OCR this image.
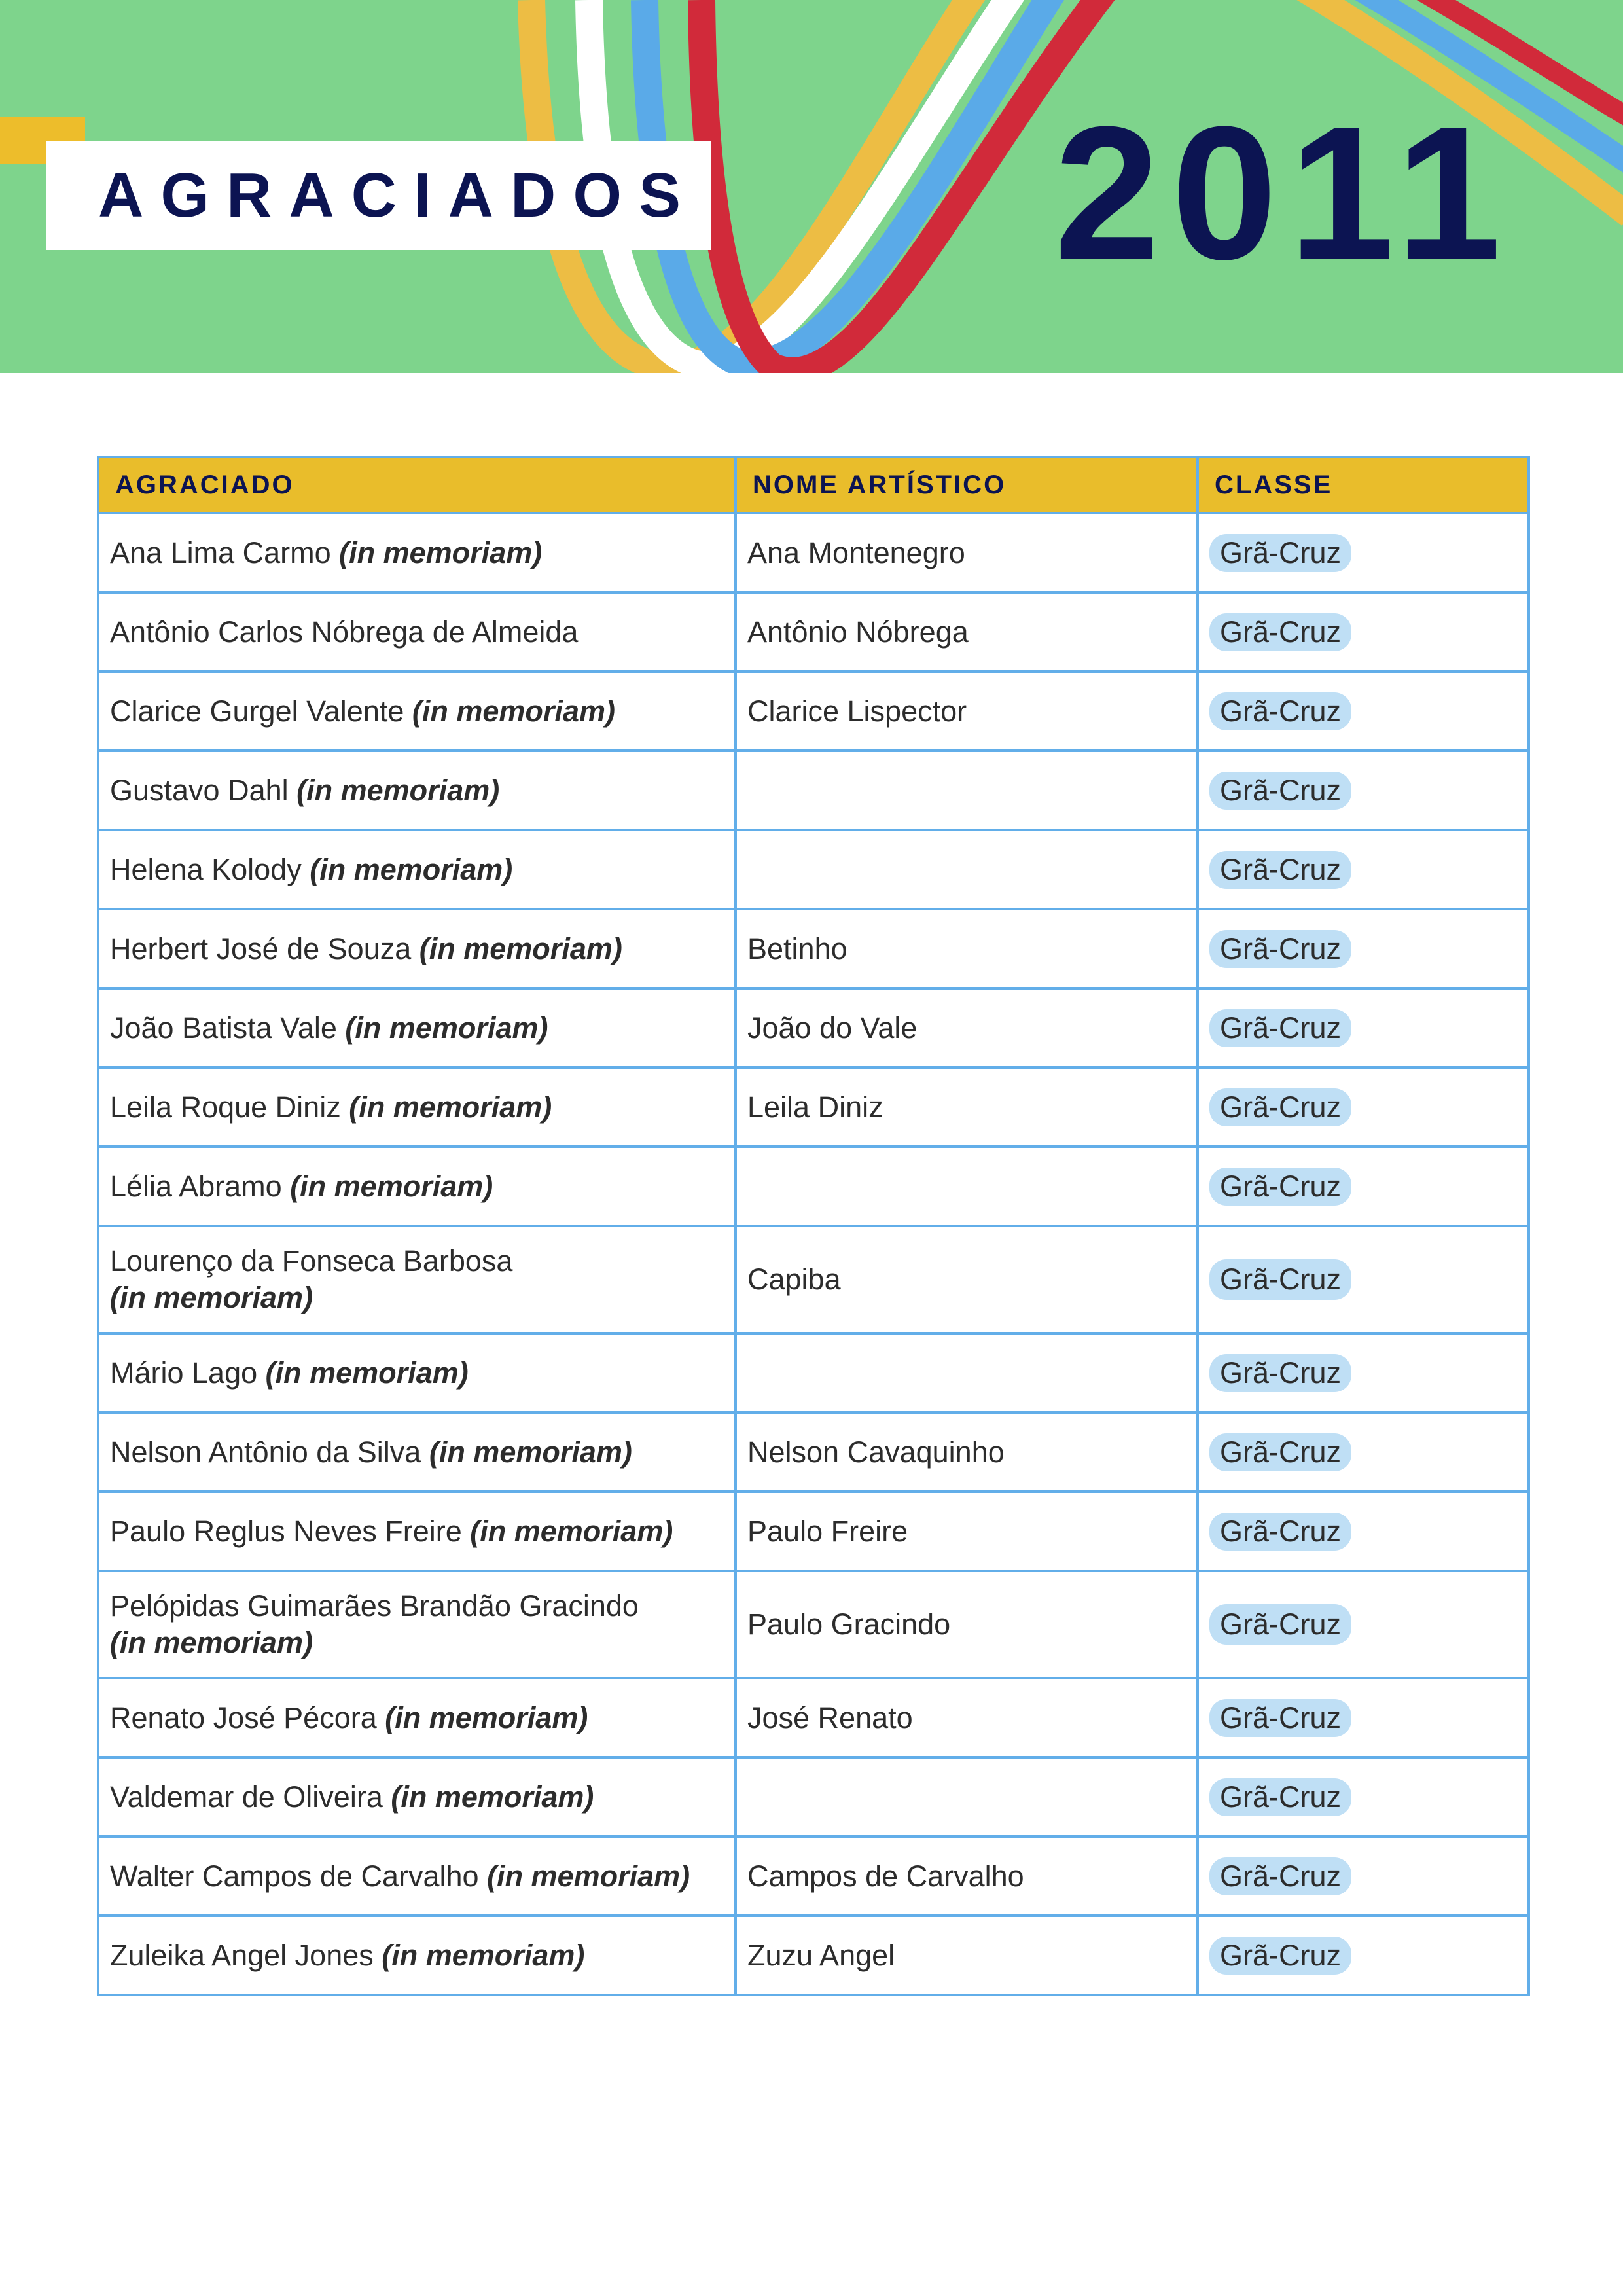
AGRACIADOS 2011
AGRACIADO	NOME ARTÍSTICO	CLASSE
Ana Lima Carmo (in memoriam)	Ana Montenegro	Grã-Cruz
Antônio Carlos Nóbrega de Almeida	Antônio Nóbrega	Grã-Cruz
Clarice Gurgel Valente (in memoriam)	Clarice Lispector	Grã-Cruz
Gustavo Dahl (in memoriam)		Grã-Cruz
Helena Kolody (in memoriam)		Grã-Cruz
Herbert José de Souza (in memoriam)	Betinho	Grã-Cruz
João Batista Vale (in memoriam)	João do Vale	Grã-Cruz
Leila Roque Diniz (in memoriam)	Leila Diniz	Grã-Cruz
Lélia Abramo (in memoriam)		Grã-Cruz
Lourenço da Fonseca Barbosa
(in memoriam)	Capiba	Grã-Cruz
Mário Lago (in memoriam)		Grã-Cruz
Nelson Antônio da Silva (in memoriam)	Nelson Cavaquinho	Grã-Cruz
Paulo Reglus Neves Freire (in memoriam)	Paulo Freire	Grã-Cruz
Pelópidas Guimarães Brandão Gracindo
(in memoriam)	Paulo Gracindo	Grã-Cruz
Renato José Pécora (in memoriam)	José Renato	Grã-Cruz
Valdemar de Oliveira (in memoriam)		Grã-Cruz
Walter Campos de Carvalho (in memoriam)	Campos de Carvalho	Grã-Cruz
Zuleika Angel Jones (in memoriam)	Zuzu Angel	Grã-Cruz
